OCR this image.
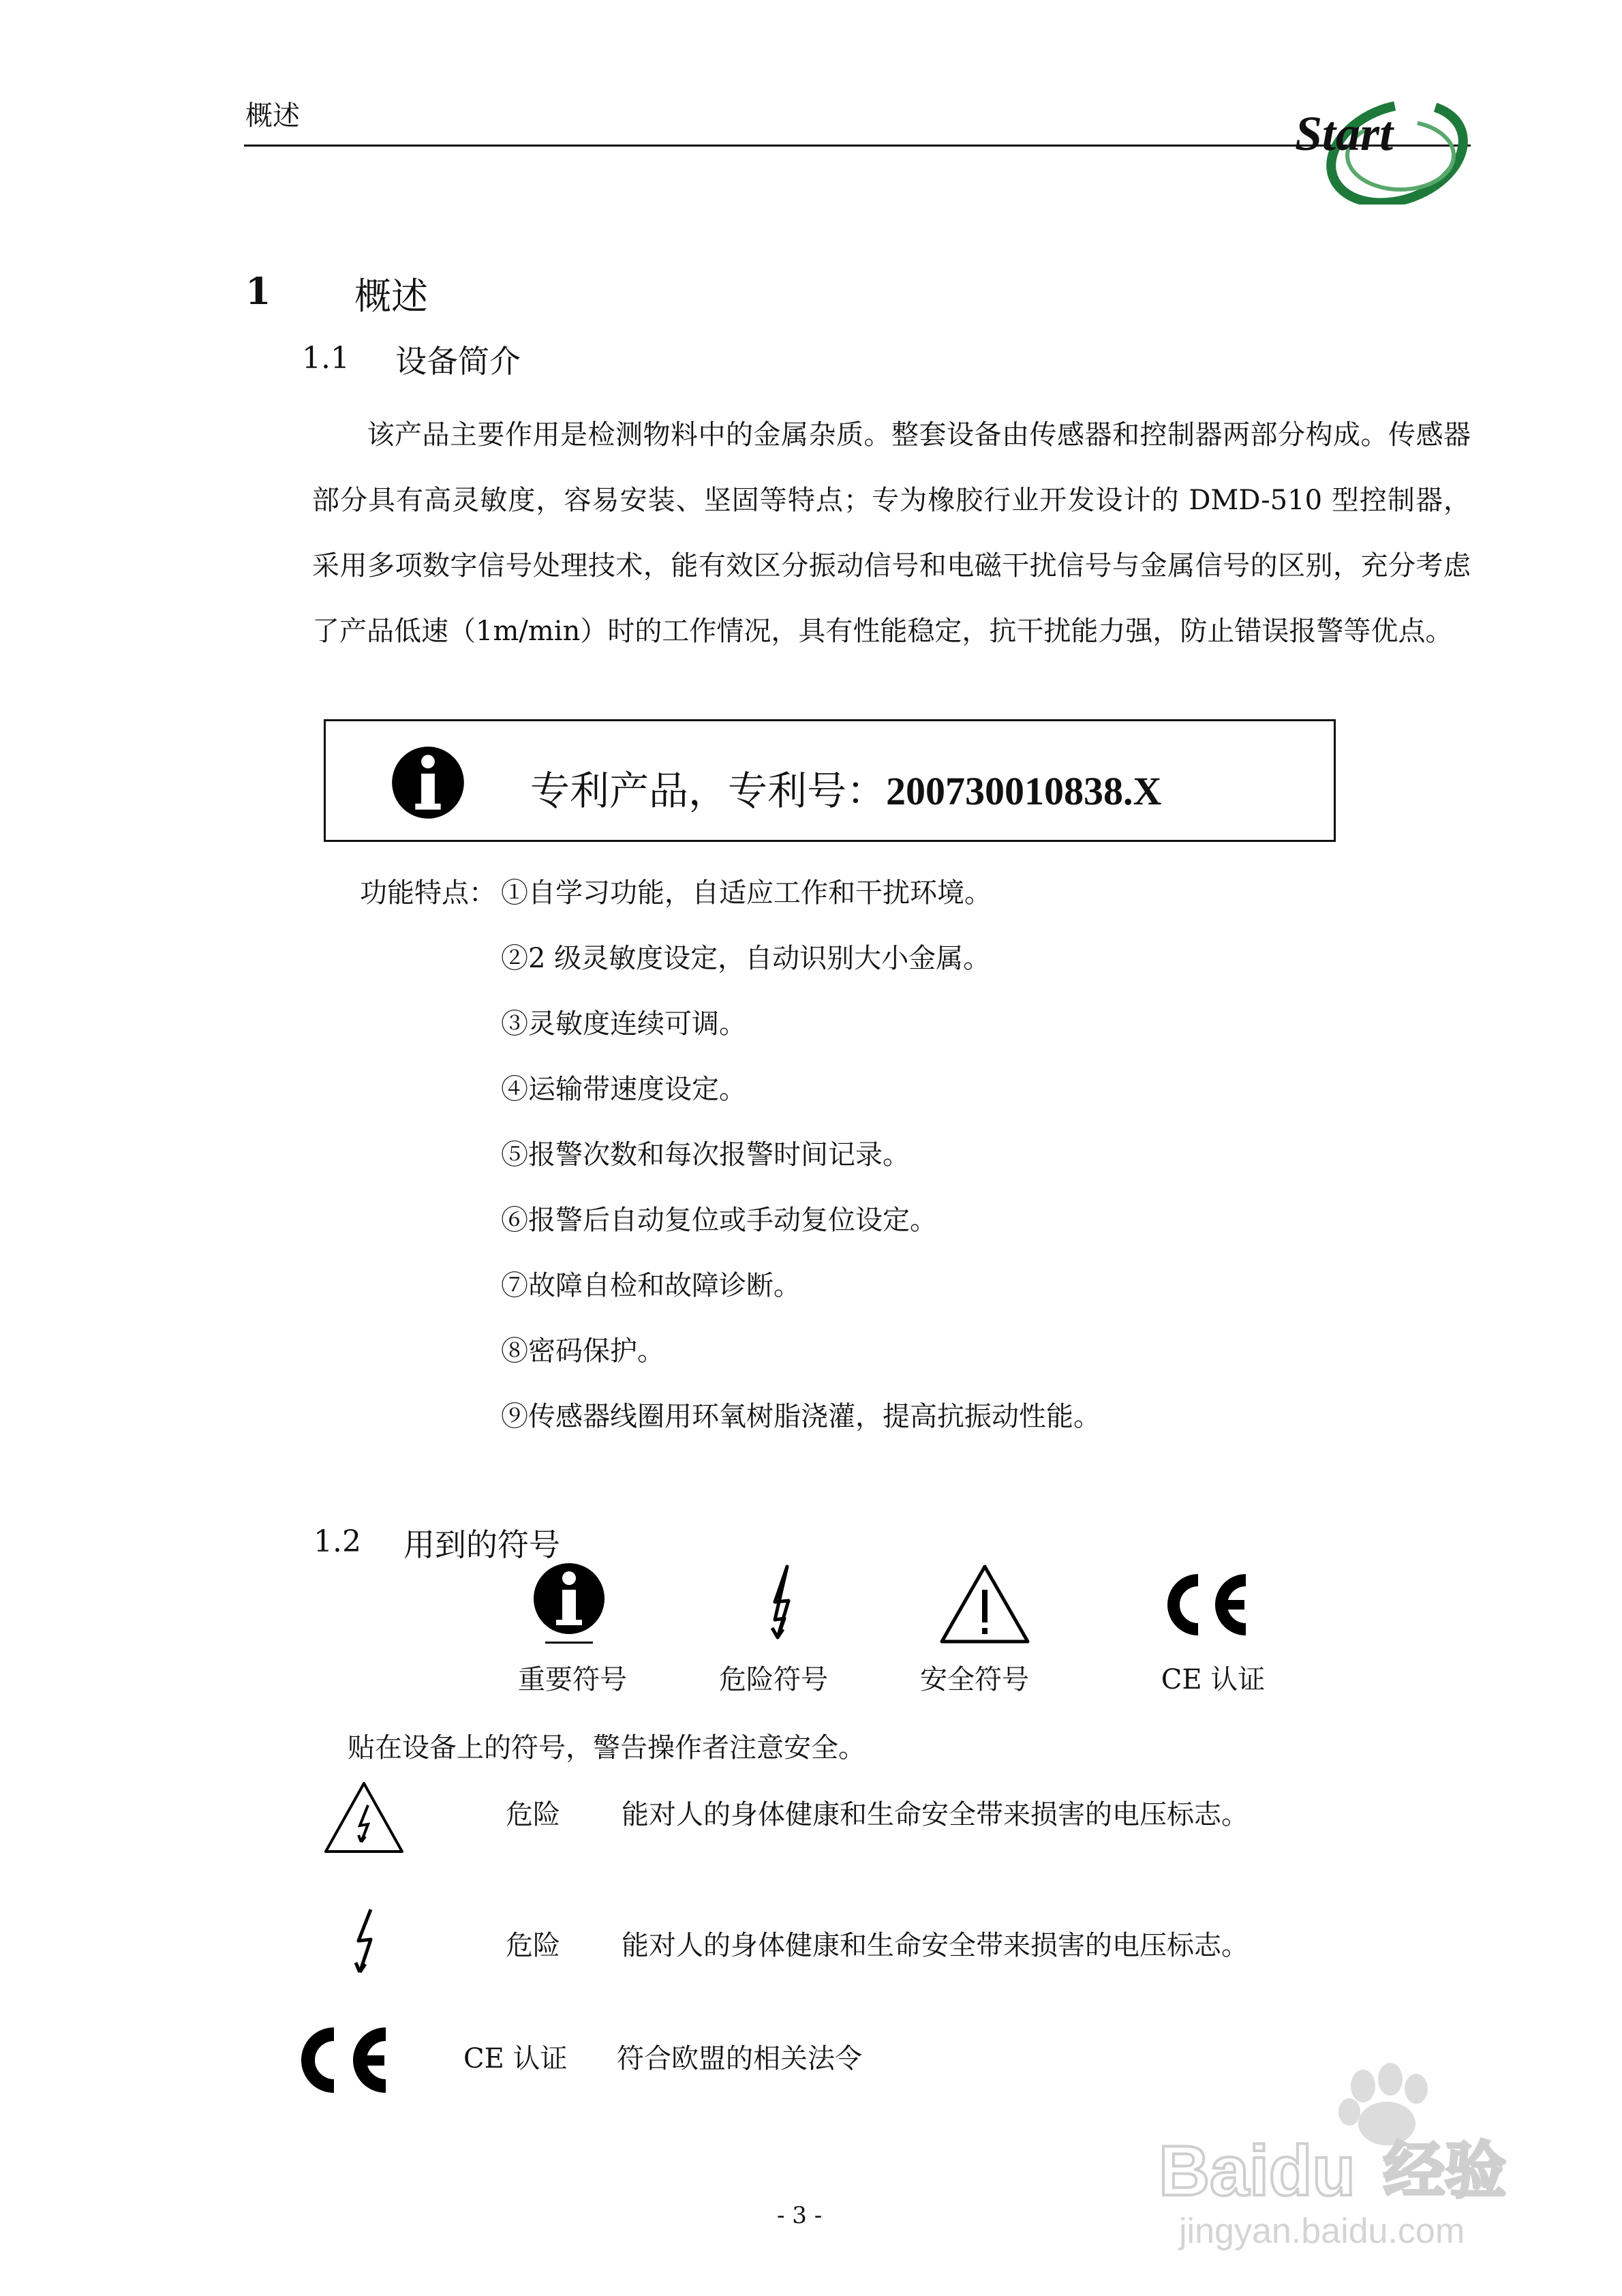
概述	Start
1 概述
1.1 设备简介
该产品主要作用是检测物料中的金属杂质。整套设备由传感器和控制器两部分构成。传感器部分具有高灵敏度，容易安装、坚固等特点；专为橡胶行业开发设计的 DMD-510 型控制器，采用多项数字信号处理技术，能有效区分振动信号和电磁干扰信号与金属信号的区别，充分考虑了产品低速（1m/min）时的工作情况，具有性能稳定，抗干扰能力强，防止错误报警等优点。
专利产品，专利号：200730010838.X
功能特点： ①自学习功能，自适应工作和干扰环境。
②2 级灵敏度设定，自动识别大小金属。
③灵敏度连续可调。
④运输带速度设定。
⑤报警次数和每次报警时间记录。
⑥报警后自动复位或手动复位设定。
⑦故障自检和故障诊断。
⑧密码保护。
⑨传感器线圈用环氧树脂浇灌，提高抗振动性能。
1.2 用到的符号
重要符号	危险符号	安全符号	CE 认证
贴在设备上的符号，警告操作者注意安全。
危险 能对人的身体健康和生命安全带来损害的电压标志。
危险 能对人的身体健康和生命安全带来损害的电压标志。
CE 认证 符合欧盟的相关法令
Baidu 经验
jingyan.baidu.com
- 3 -
